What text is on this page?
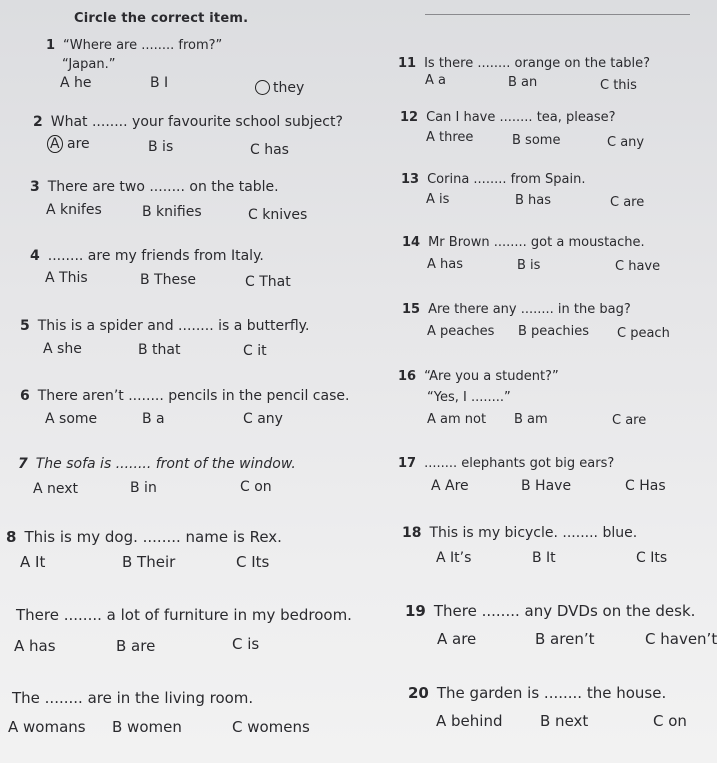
Circle the correct item.
1 “Where are ........ from?”
“Japan.”
A he	B I	they
2 What ........ your favourite school subject?
A are	B is	C has
3 There are two ........ on the table.
A knifes	B knifies	C knives
4 ........ are my friends from Italy.
A This	B These	C That
5 This is a spider and ........ is a butterfly.
A she	B that	C it
6 There aren’t ........ pencils in the pencil case.
A some	B a	C any
7 The sofa is ........ front of the window.
A next	B in	C on
8 This is my dog. ........ name is Rex.
A It	B Their	C Its
There ........ a lot of furniture in my bedroom.
A has	B are	C is
The ........ are in the living room.
A womans B women	C womens
11 Is there ........ orange on the table?
A a	B an	C this
12 Can I have ........ tea, please?
A three	B some	C any
13 Corina ........ from Spain.
A is	B has	C are
14 Mr Brown ........ got a moustache.
A has	B is	C have
15 Are there any ........ in the bag?
A peaches B peachies C peach
16 “Are you a student?”
“Yes, I ........”
A am not B am	C are
17 ........ elephants got big ears?
A Are	B Have	C Has
18 This is my bicycle. ........ blue.
A It’s	B It	C Its
19 There ........ any DVDs on the desk.
A are	B aren’t	C haven’t
20 The garden is ........ the house.
A behind	B next	C on
